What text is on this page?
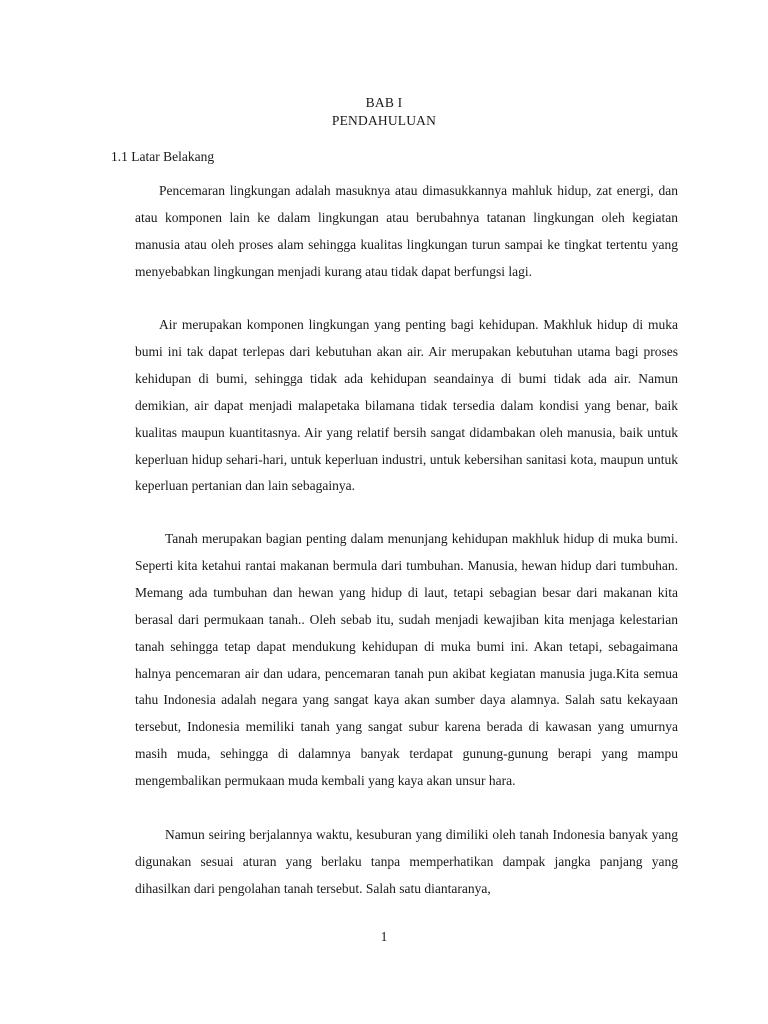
BAB I
PENDAHULUAN
1.1 Latar Belakang

Pencemaran lingkungan adalah masuknya atau dimasukkannya mahluk hidup, zat energi, dan atau komponen lain ke dalam lingkungan atau berubahnya tatanan lingkungan oleh kegiatan manusia atau oleh proses alam sehingga kualitas lingkungan turun sampai ke tingkat tertentu yang menyebabkan lingkungan menjadi kurang atau tidak dapat berfungsi lagi.

Air merupakan komponen lingkungan yang penting bagi kehidupan. Makhluk hidup di muka bumi ini tak dapat terlepas dari kebutuhan akan air. Air merupakan kebutuhan utama bagi proses kehidupan di bumi, sehingga tidak ada kehidupan seandainya di bumi tidak ada air. Namun demikian, air dapat menjadi malapetaka bilamana tidak tersedia dalam kondisi yang benar, baik kualitas maupun kuantitasnya. Air yang relatif bersih sangat didambakan oleh manusia, baik untuk keperluan hidup sehari-hari, untuk keperluan industri, untuk kebersihan sanitasi kota, maupun untuk keperluan pertanian dan lain sebagainya.

Tanah merupakan bagian penting dalam menunjang kehidupan makhluk hidup di muka bumi. Seperti kita ketahui rantai makanan bermula dari tumbuhan. Manusia, hewan hidup dari tumbuhan. Memang ada tumbuhan dan hewan yang hidup di laut, tetapi sebagian besar dari makanan kita berasal dari permukaan tanah.. Oleh sebab itu, sudah menjadi kewajiban kita menjaga kelestarian tanah sehingga tetap dapat mendukung kehidupan di muka bumi ini. Akan tetapi, sebagaimana halnya pencemaran air dan udara, pencemaran tanah pun akibat kegiatan manusia juga.Kita semua tahu Indonesia adalah negara yang sangat kaya akan sumber daya alamnya. Salah satu kekayaan tersebut, Indonesia memiliki tanah yang sangat subur karena berada di kawasan yang umurnya masih muda, sehingga di dalamnya banyak terdapat gunung-gunung berapi yang mampu mengembalikan permukaan muda kembali yang kaya akan unsur hara.

Namun seiring berjalannya waktu, kesuburan yang dimiliki oleh tanah Indonesia banyak yang digunakan sesuai aturan yang berlaku tanpa memperhatikan dampak jangka panjang yang dihasilkan dari pengolahan tanah tersebut. Salah satu diantaranya,

1
